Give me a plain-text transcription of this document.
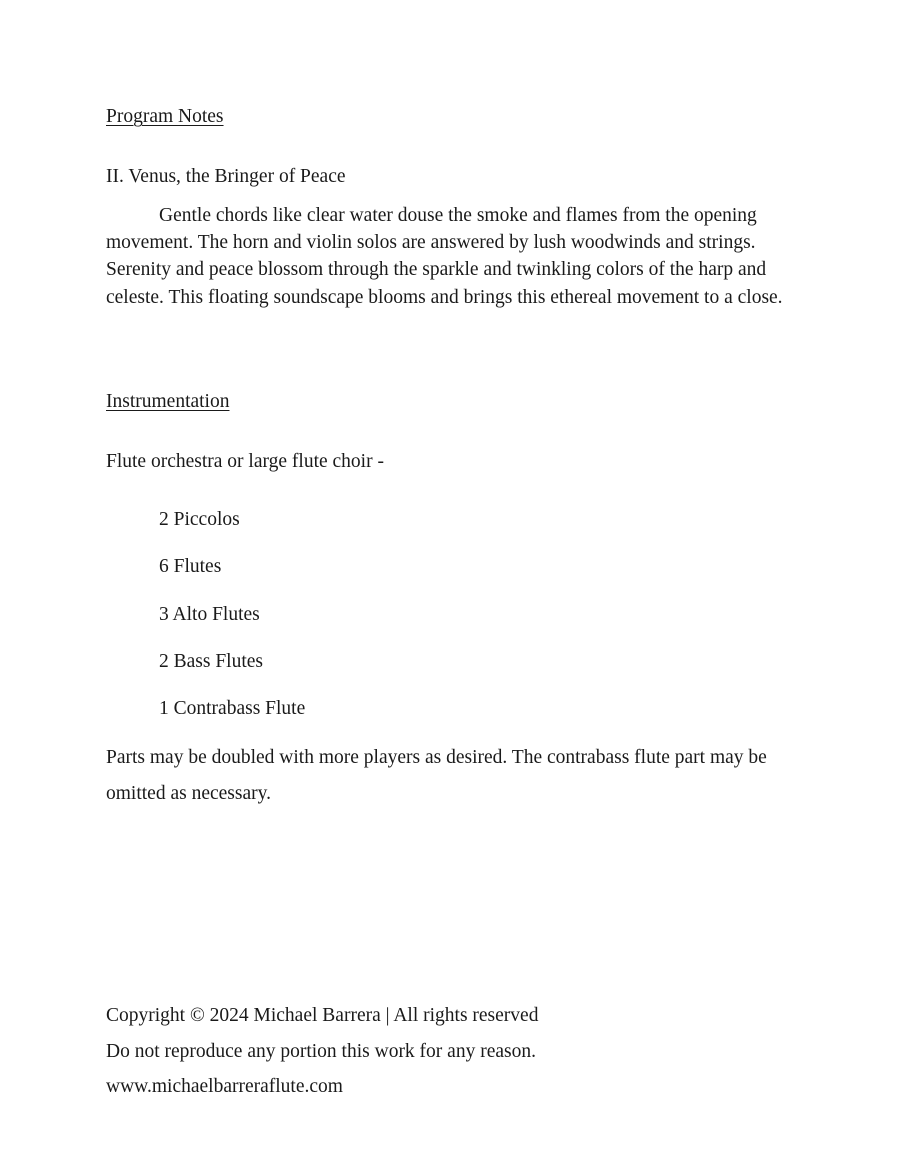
Program Notes
II. Venus, the Bringer of Peace
Gentle chords like clear water douse the smoke and flames from the opening movement. The horn and violin solos are answered by lush woodwinds and strings. Serenity and peace blossom through the sparkle and twinkling colors of the harp and celeste. This floating soundscape blooms and brings this ethereal movement to a close.
Instrumentation
Flute orchestra or large flute choir -
2 Piccolos
6 Flutes
3 Alto Flutes
2 Bass Flutes
1 Contrabass Flute
Parts may be doubled with more players as desired. The contrabass flute part may be omitted as necessary.
Copyright © 2024 Michael Barrera | All rights reserved
Do not reproduce any portion this work for any reason.
www.michaelbarreraflute.com
